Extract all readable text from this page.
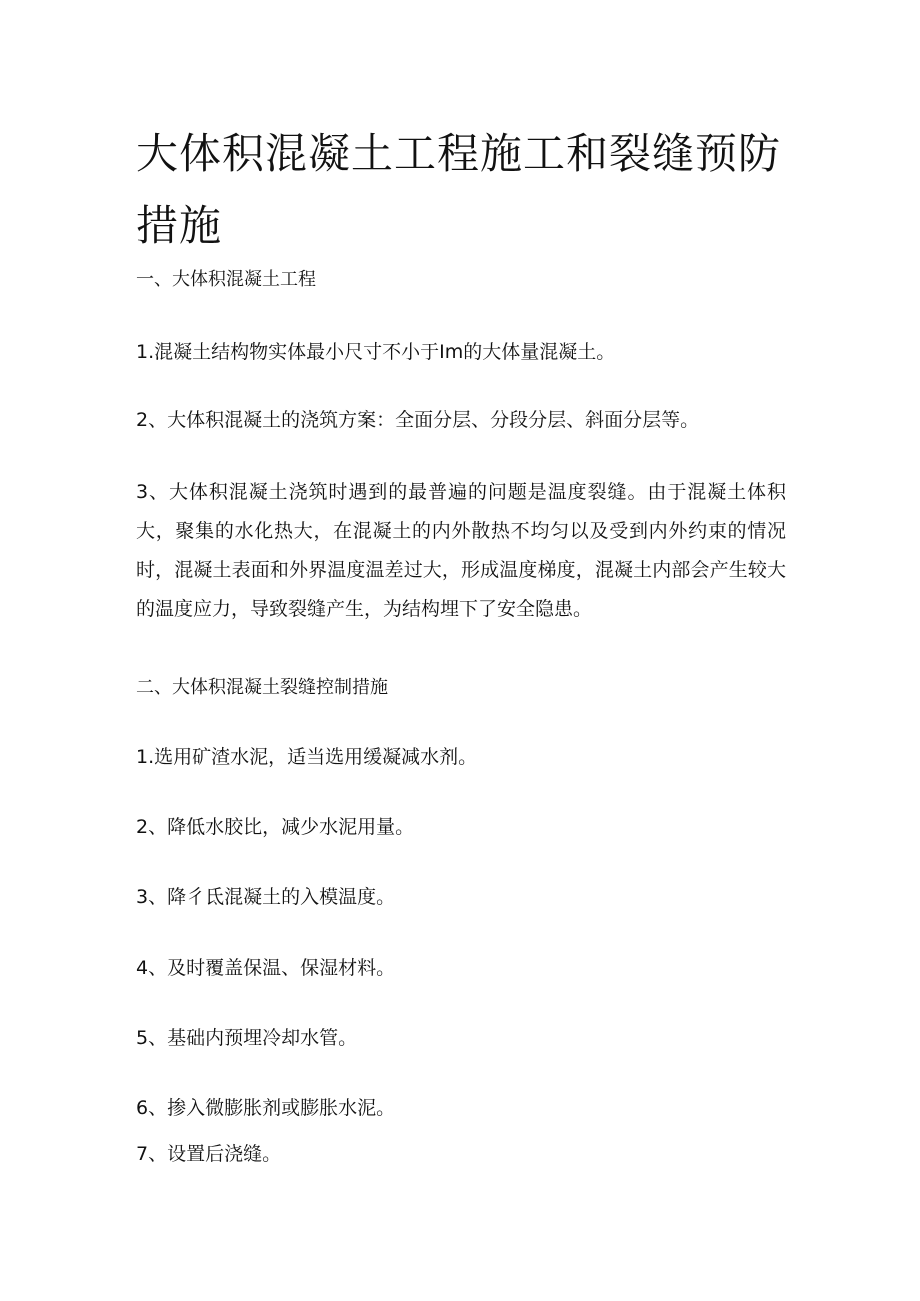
大体积混凝土工程施工和裂缝预防措施

一、大体积混凝土工程

1.混凝土结构物实体最小尺寸不小于Im的大体量混凝土。

2、大体积混凝土的浇筑方案：全面分层、分段分层、斜面分层等。

3、大体积混凝土浇筑时遇到的最普遍的问题是温度裂缝。由于混凝土体积大，聚集的水化热大，在混凝土的内外散热不均匀以及受到内外约束的情况时，混凝土表面和外界温度温差过大，形成温度梯度，混凝土内部会产生较大的温度应力，导致裂缝产生，为结构埋下了安全隐患。

二、大体积混凝土裂缝控制措施

1.选用矿渣水泥，适当选用缓凝减水剂。

2、降低水胶比，减少水泥用量。

3、降彳氐混凝土的入模温度。

4、及时覆盖保温、保湿材料。

5、基础内预埋冷却水管。

6、掺入微膨胀剂或膨胀水泥。

7、设置后浇缝。
